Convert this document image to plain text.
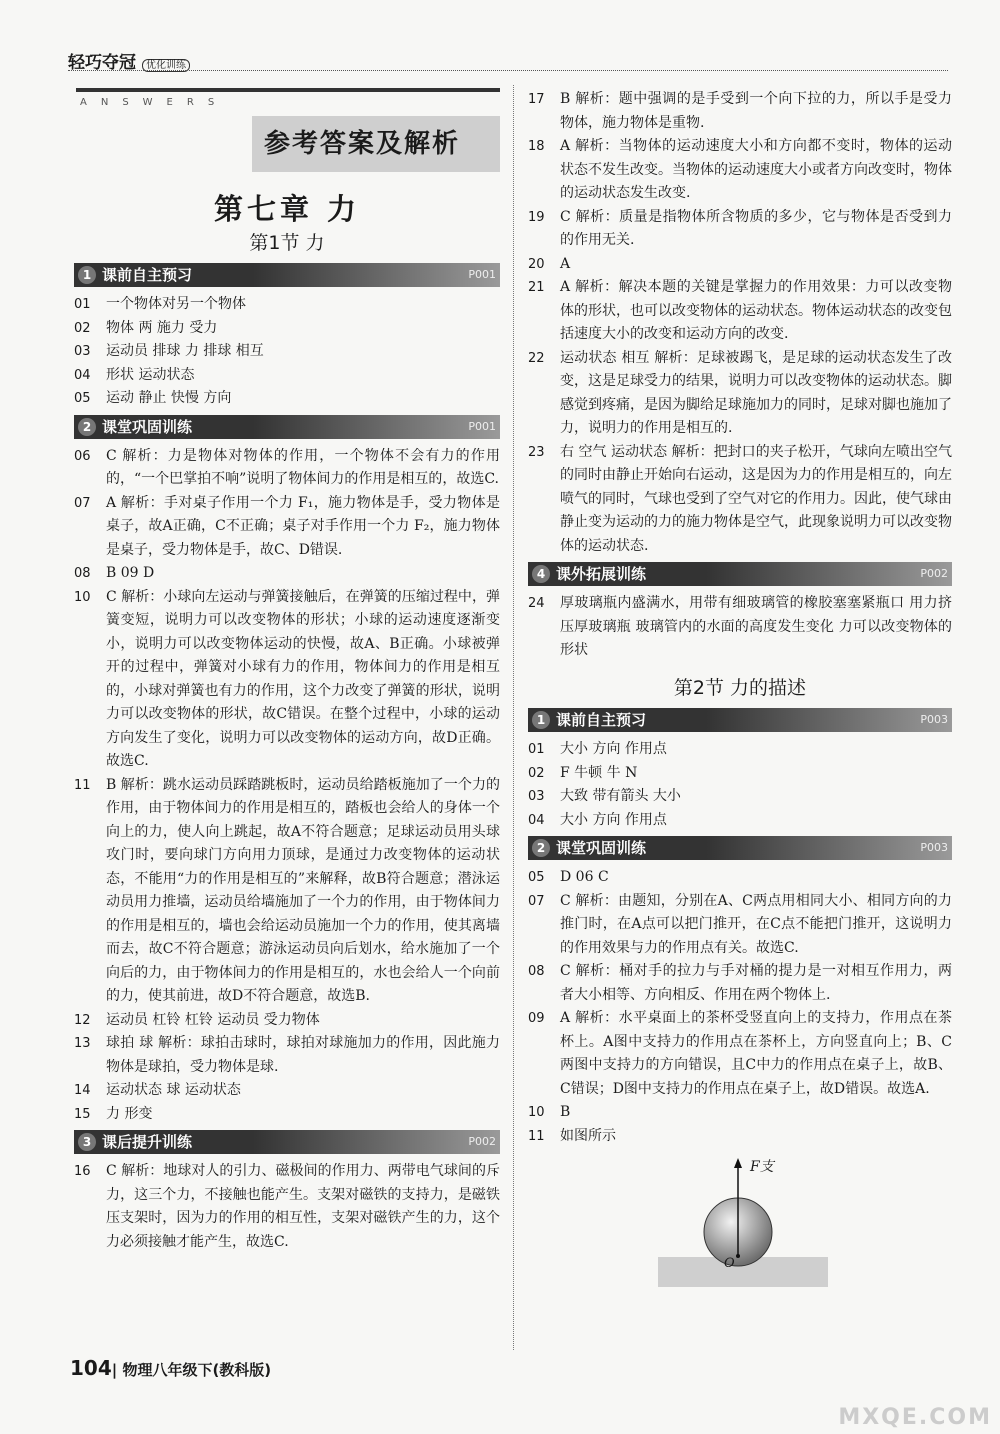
轻巧夺冠 优化训练
ANSWERS
参考答案及解析
第七章 力
第1节 力
1 课前自主预习	P001
01	一个物体对另一个物体
02	物体 两 施力 受力
03	运动员 排球 力 排球 相互
04	形状 运动状态
05	运动 静止 快慢 方向
2 课堂巩固训练	P001
06	C 解析：力是物体对物体的作用，一个物体不会有力的作用的，“一个巴掌拍不响”说明了物体间力的作用是相互的，故选C.
07	A 解析：手对桌子作用一个力 F₁，施力物体是手，受力物体是桌子，故A正确，C不正确；桌子对手作用一个力 F₂，施力物体是桌子，受力物体是手，故C、D错误.
08	B 09 D
10	C 解析：小球向左运动与弹簧接触后，在弹簧的压缩过程中，弹簧变短，说明力可以改变物体的形状；小球的运动速度逐渐变小，说明力可以改变物体运动的快慢，故A、B正确。小球被弹开的过程中，弹簧对小球有力的作用，物体间力的作用是相互的，小球对弹簧也有力的作用，这个力改变了弹簧的形状，说明力可以改变物体的形状，故C错误。在整个过程中，小球的运动方向发生了变化，说明力可以改变物体的运动方向，故D正确。故选C.
11	B 解析：跳水运动员踩踏跳板时，运动员给踏板施加了一个力的作用，由于物体间力的作用是相互的，踏板也会给人的身体一个向上的力，使人向上跳起，故A不符合题意；足球运动员用头球攻门时，要向球门方向用力顶球，是通过力改变物体的运动状态，不能用“力的作用是相互的”来解释，故B符合题意；潜泳运动员用力推墙，运动员给墙施加了一个力的作用，由于物体间力的作用是相互的，墙也会给运动员施加一个力的作用，使其离墙而去，故C不符合题意；游泳运动员向后划水，给水施加了一个向后的力，由于物体间力的作用是相互的，水也会给人一个向前的力，使其前进，故D不符合题意，故选B.
12	运动员 杠铃 杠铃 运动员 受力物体
13	球拍 球 解析：球拍击球时，球拍对球施加力的作用，因此施力物体是球拍，受力物体是球.
14	运动状态 球 运动状态
15	力 形变
3 课后提升训练	P002
16	C 解析：地球对人的引力、磁极间的作用力、两带电气球间的斥力，这三个力，不接触也能产生。支架对磁铁的支持力，是磁铁压支架时，因为力的作用的相互性，支架对磁铁产生的力，这个力必须接触才能产生，故选C.
17	B 解析：题中强调的是手受到一个向下拉的力，所以手是受力物体，施力物体是重物.
18	A 解析：当物体的运动速度大小和方向都不变时，物体的运动状态不发生改变。当物体的运动速度大小或者方向改变时，物体的运动状态发生改变.
19	C 解析：质量是指物体所含物质的多少，它与物体是否受到力的作用无关.
20	A
21	A 解析：解决本题的关键是掌握力的作用效果：力可以改变物体的形状，也可以改变物体的运动状态。物体运动状态的改变包括速度大小的改变和运动方向的改变.
22	运动状态 相互 解析：足球被踢飞，是足球的运动状态发生了改变，这是足球受力的结果，说明力可以改变物体的运动状态。脚感觉到疼痛，是因为脚给足球施加力的同时，足球对脚也施加了力，说明力的作用是相互的.
23	右 空气 运动状态 解析：把封口的夹子松开，气球向左喷出空气的同时由静止开始向右运动，这是因为力的作用是相互的，向左喷气的同时，气球也受到了空气对它的作用力。因此，使气球由静止变为运动的力的施力物体是空气，此现象说明力可以改变物体的运动状态.
4 课外拓展训练	P002
24	厚玻璃瓶内盛满水，用带有细玻璃管的橡胶塞塞紧瓶口 用力挤压厚玻璃瓶 玻璃管内的水面的高度发生变化 力可以改变物体的形状
第2节 力的描述
1 课前自主预习	P003
01	大小 方向 作用点
02	F 牛顿 牛 N
03	大致 带有箭头 大小
04	大小 方向 作用点
2 课堂巩固训练	P003
05	D 06 C
07	C 解析：由题知，分别在A、C两点用相同大小、相同方向的力推门时，在A点可以把门推开，在C点不能把门推开，这说明力的作用效果与力的作用点有关。故选C.
08	C 解析：桶对手的拉力与手对桶的提力是一对相互作用力，两者大小相等、方向相反、作用在两个物体上.
09	A 解析：水平桌面上的茶杯受竖直向上的支持力，作用点在茶杯上。A图中支持力的作用点在茶杯上，方向竖直向上；B、C两图中支持力的方向错误，且C中力的作用点在桌子上，故B、C错误；D图中支持力的作用点在桌子上，故D错误。故选A.
10	B
11	如图所示
F支
O
104| 物理八年级下(教科版)
MXQE.COM
